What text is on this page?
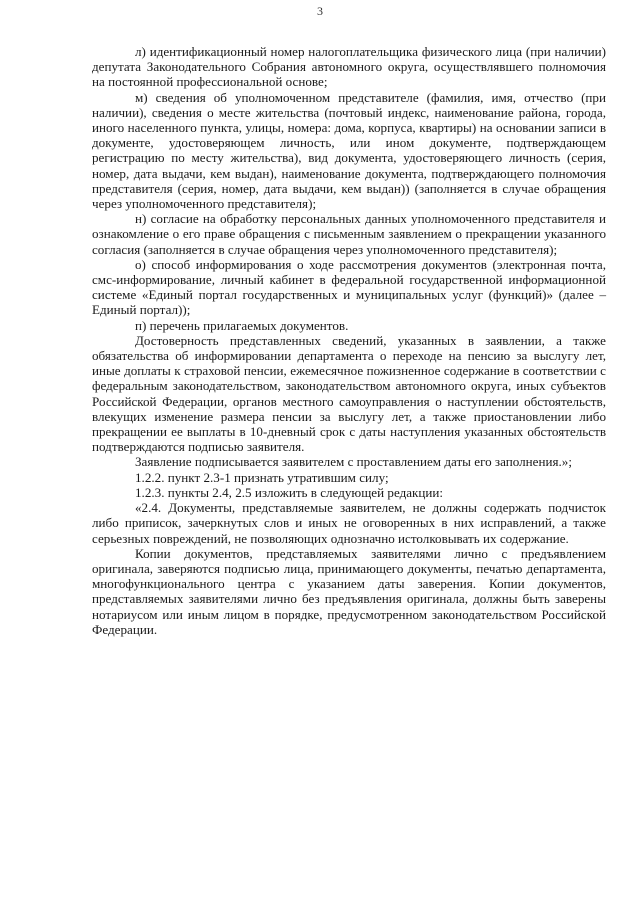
3

л) идентификационный номер налогоплательщика физического лица (при наличии) депутата Законодательного Собрания автономного округа, осуществлявшего полномочия на постоянной профессиональной основе;

м) сведения об уполномоченном представителе (фамилия, имя, отчество (при наличии), сведения о месте жительства (почтовый индекс, наименование района, города, иного населенного пункта, улицы, номера: дома, корпуса, квартиры) на основании записи в документе, удостоверяющем личность, или ином документе, подтверждающем регистрацию по месту жительства), вид документа, удостоверяющего личность (серия, номер, дата выдачи, кем выдан), наименование документа, подтверждающего полномочия представителя (серия, номер, дата выдачи, кем выдан)) (заполняется в случае обращения через уполномоченного представителя);

н) согласие на обработку персональных данных уполномоченного представителя и ознакомление о его праве обращения с письменным заявлением о прекращении указанного согласия (заполняется в случае обращения через уполномоченного представителя);

о) способ информирования о ходе рассмотрения документов (электронная почта, смс-информирование, личный кабинет в федеральной государственной информационной системе «Единый портал государственных и муниципальных услуг (функций)» (далее – Единый портал));

п) перечень прилагаемых документов.

Достоверность представленных сведений, указанных в заявлении, а также обязательства об информировании департамента о переходе на пенсию за выслугу лет, иные доплаты к страховой пенсии, ежемесячное пожизненное содержание в соответствии с федеральным законодательством, законодательством автономного округа, иных субъектов Российской Федерации, органов местного самоуправления о наступлении обстоятельств, влекущих изменение размера пенсии за выслугу лет, а также приостановлении либо прекращении ее выплаты в 10-дневный срок с даты наступления указанных обстоятельств подтверждаются подписью заявителя.

Заявление подписывается заявителем с проставлением даты его заполнения.»;

1.2.2. пункт 2.3-1 признать утратившим силу;

1.2.3. пункты 2.4, 2.5 изложить в следующей редакции:

«2.4. Документы, представляемые заявителем, не должны содержать подчисток либо приписок, зачеркнутых слов и иных не оговоренных в них исправлений, а также серьезных повреждений, не позволяющих однозначно истолковывать их содержание.

Копии документов, представляемых заявителями лично с предъявлением оригинала, заверяются подписью лица, принимающего документы, печатью департамента, многофункционального центра с указанием даты заверения. Копии документов, представляемых заявителями лично без предъявления оригинала, должны быть заверены нотариусом или иным лицом в порядке, предусмотренном законодательством Российской Федерации.
